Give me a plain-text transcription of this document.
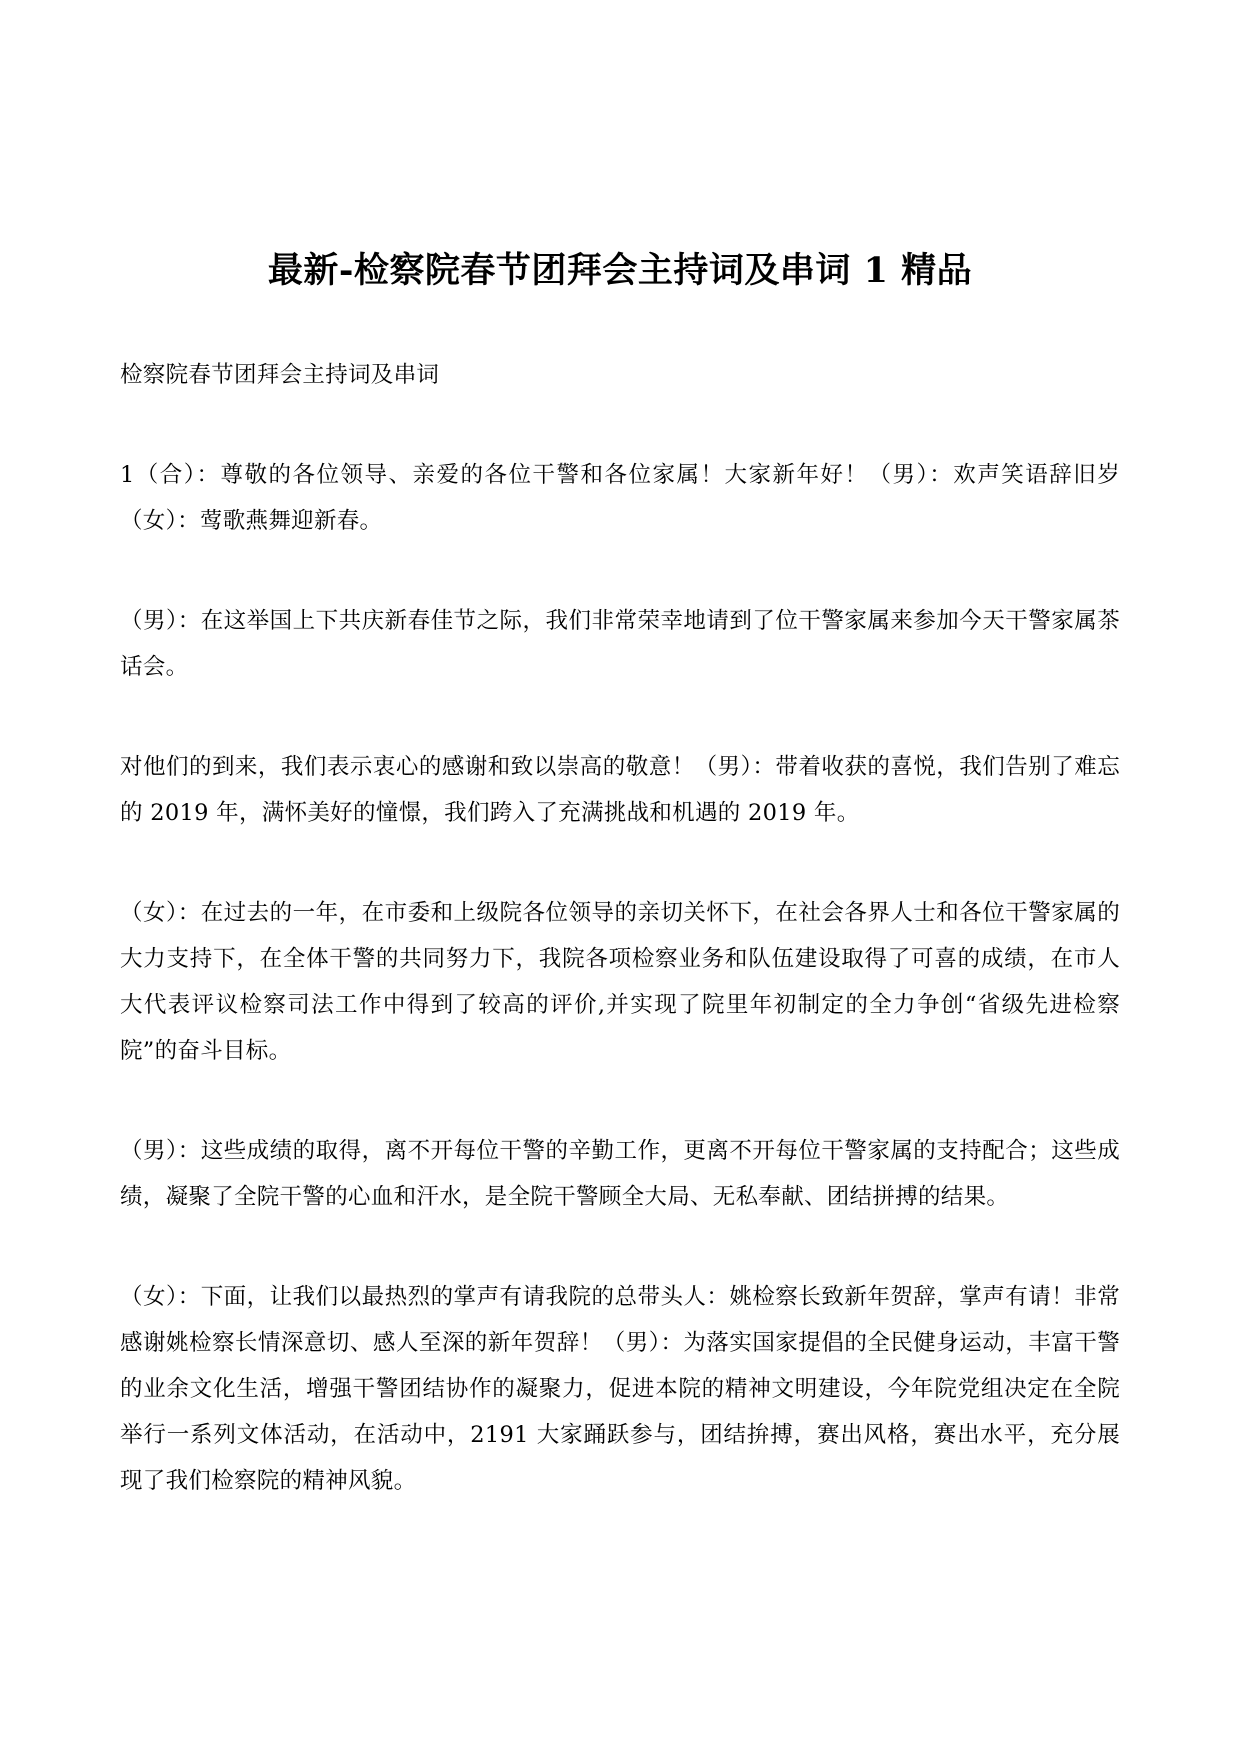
最新-检察院春节团拜会主持词及串词 1 精品

检察院春节团拜会主持词及串词

1（合）：尊敬的各位领导、亲爱的各位干警和各位家属！大家新年好！（男）：欢声笑语辞旧岁（女）：莺歌燕舞迎新春。

（男）：在这举国上下共庆新春佳节之际，我们非常荣幸地请到了位干警家属来参加今天干警家属茶话会。

对他们的到来，我们表示衷心的感谢和致以崇高的敬意！（男）：带着收获的喜悦，我们告别了难忘的 2019 年，满怀美好的憧憬，我们跨入了充满挑战和机遇的 2019 年。

（女）：在过去的一年，在市委和上级院各位领导的亲切关怀下，在社会各界人士和各位干警家属的大力支持下，在全体干警的共同努力下，我院各项检察业务和队伍建设取得了可喜的成绩，在市人大代表评议检察司法工作中得到了较高的评价,并实现了院里年初制定的全力争创“省级先进检察院”的奋斗目标。

（男）：这些成绩的取得，离不开每位干警的辛勤工作，更离不开每位干警家属的支持配合；这些成绩，凝聚了全院干警的心血和汗水，是全院干警顾全大局、无私奉献、团结拼搏的结果。

（女）：下面，让我们以最热烈的掌声有请我院的总带头人：姚检察长致新年贺辞，掌声有请！非常感谢姚检察长情深意切、感人至深的新年贺辞！（男）：为落实国家提倡的全民健身运动，丰富干警的业余文化生活，增强干警团结协作的凝聚力，促进本院的精神文明建设，今年院党组决定在全院举行一系列文体活动，在活动中，2191 大家踊跃参与，团结拚搏，赛出风格，赛出水平，充分展现了我们检察院的精神风貌。
